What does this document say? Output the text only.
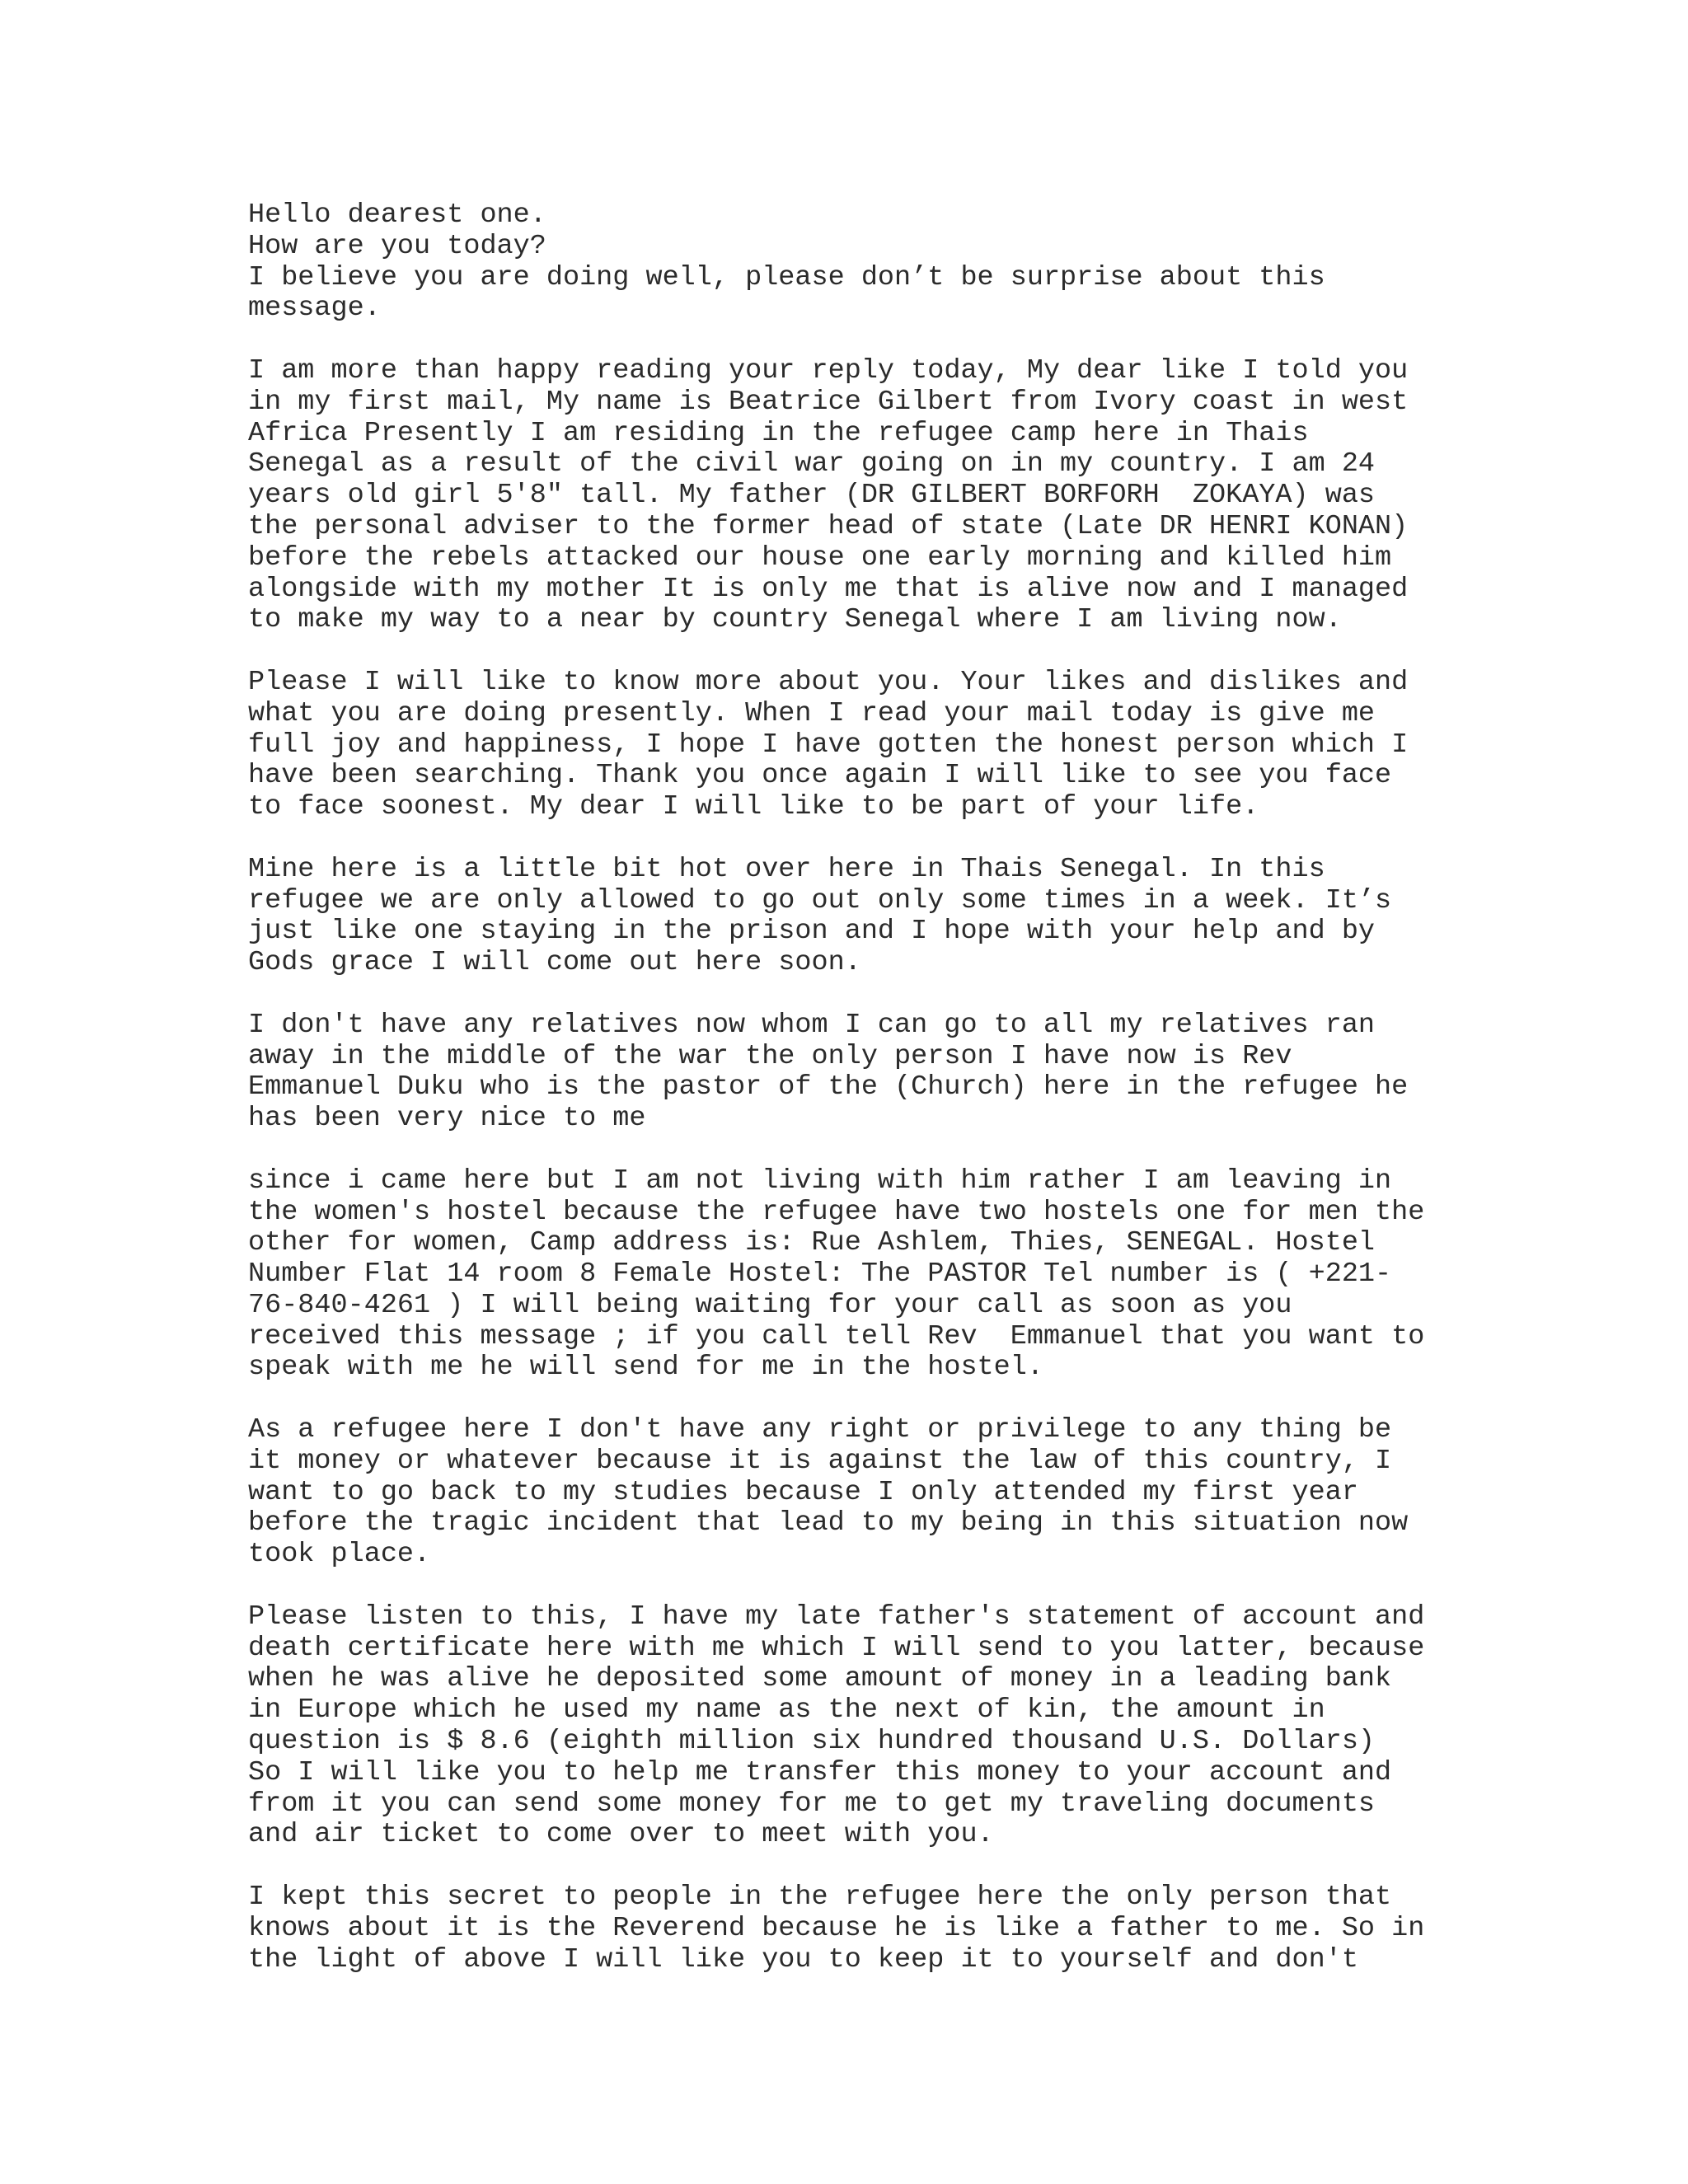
Hello dearest one.
How are you today?
I believe you are doing well, please don’t be surprise about this
message.
I am more than happy reading your reply today, My dear like I told you
in my first mail, My name is Beatrice Gilbert from Ivory coast in west
Africa Presently I am residing in the refugee camp here in Thais
Senegal as a result of the civil war going on in my country. I am 24
years old girl 5'8" tall. My father (DR GILBERT BORFORH  ZOKAYA) was
the personal adviser to the former head of state (Late DR HENRI KONAN)
before the rebels attacked our house one early morning and killed him
alongside with my mother It is only me that is alive now and I managed
to make my way to a near by country Senegal where I am living now.
Please I will like to know more about you. Your likes and dislikes and
what you are doing presently. When I read your mail today is give me
full joy and happiness, I hope I have gotten the honest person which I
have been searching. Thank you once again I will like to see you face
to face soonest. My dear I will like to be part of your life.
Mine here is a little bit hot over here in Thais Senegal. In this
refugee we are only allowed to go out only some times in a week. It’s
just like one staying in the prison and I hope with your help and by
Gods grace I will come out here soon.
I don't have any relatives now whom I can go to all my relatives ran
away in the middle of the war the only person I have now is Rev
Emmanuel Duku who is the pastor of the (Church) here in the refugee he
has been very nice to me
since i came here but I am not living with him rather I am leaving in
the women's hostel because the refugee have two hostels one for men the
other for women, Camp address is: Rue Ashlem, Thies, SENEGAL. Hostel
Number Flat 14 room 8 Female Hostel: The PASTOR Tel number is ( +221-
76-840-4261 ) I will being waiting for your call as soon as you
received this message ; if you call tell Rev  Emmanuel that you want to
speak with me he will send for me in the hostel.
As a refugee here I don't have any right or privilege to any thing be
it money or whatever because it is against the law of this country, I
want to go back to my studies because I only attended my first year
before the tragic incident that lead to my being in this situation now
took place.
Please listen to this, I have my late father's statement of account and
death certificate here with me which I will send to you latter, because
when he was alive he deposited some amount of money in a leading bank
in Europe which he used my name as the next of kin, the amount in
question is $ 8.6 (eighth million six hundred thousand U.S. Dollars)
So I will like you to help me transfer this money to your account and
from it you can send some money for me to get my traveling documents
and air ticket to come over to meet with you.
I kept this secret to people in the refugee here the only person that
knows about it is the Reverend because he is like a father to me. So in
the light of above I will like you to keep it to yourself and don't
